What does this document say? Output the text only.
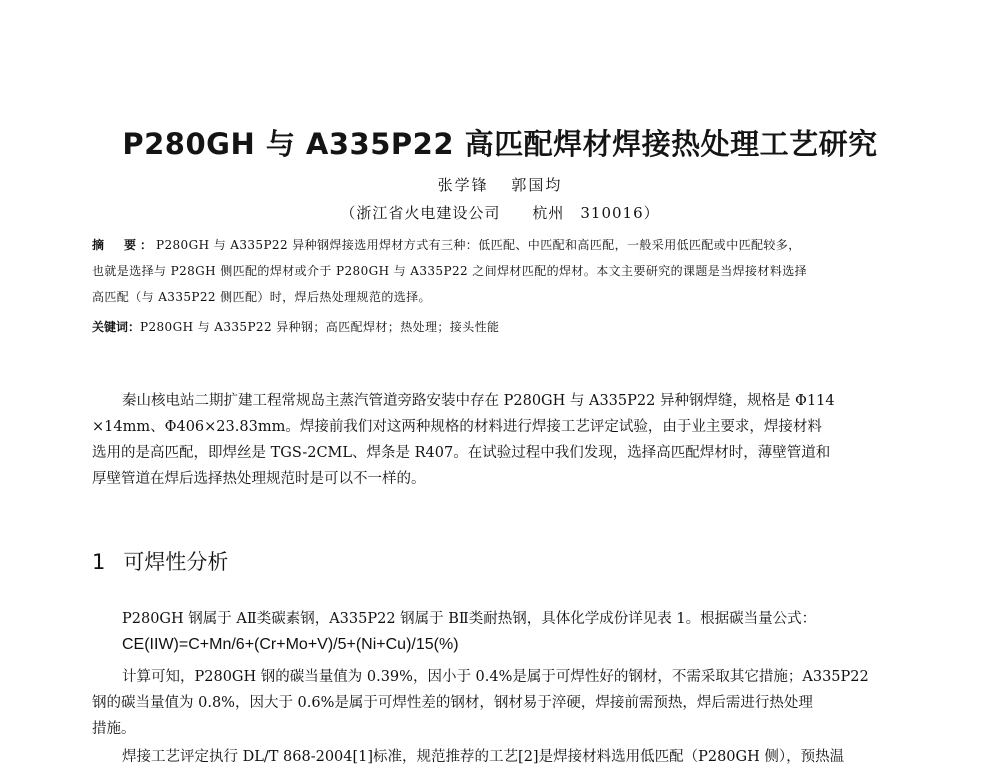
P280GH 与 A335P22 高匹配焊材焊接热处理工艺研究
张学锋 郭国均
（浙江省火电建设公司　　杭州　310016）
摘　要：P280GH 与 A335P22 异种钢焊接选用焊材方式有三种：低匹配、中匹配和高匹配，一般采用低匹配或中匹配较多，
也就是选择与 P28GH 侧匹配的焊材或介于 P280GH 与 A335P22 之间焊材匹配的焊材。本文主要研究的课题是当焊接材料选择
高匹配（与 A335P22 侧匹配）时，焊后热处理规范的选择。
关键词：P280GH 与 A335P22 异种钢；高匹配焊材；热处理；接头性能
秦山核电站二期扩建工程常规岛主蒸汽管道旁路安装中存在 P280GH 与 A335P22 异种钢焊缝，规格是 Φ114
×14mm、Φ406×23.83mm。焊接前我们对这两种规格的材料进行焊接工艺评定试验，由于业主要求，焊接材料
选用的是高匹配，即焊丝是 TGS-2CML、焊条是 R407。在试验过程中我们发现，选择高匹配焊材时，薄壁管道和
厚壁管道在焊后选择热处理规范时是可以不一样的。
1 可焊性分析
P280GH 钢属于 AⅡ类碳素钢，A335P22 钢属于 BⅡ类耐热钢，具体化学成份详见表 1。根据碳当量公式：
CE(IIW)=C+Mn/6+(Cr+Mo+V)/5+(Ni+Cu)/15(%)
计算可知，P280GH 钢的碳当量值为 0.39%，因小于 0.4%是属于可焊性好的钢材，不需采取其它措施；A335P22
钢的碳当量值为 0.8%，因大于 0.6%是属于可焊性差的钢材，钢材易于淬硬，焊接前需预热，焊后需进行热处理
措施。
焊接工艺评定执行 DL/T 868-2004[1]标准，规范推荐的工艺[2]是焊接材料选用低匹配（P280GH 侧），预热温
